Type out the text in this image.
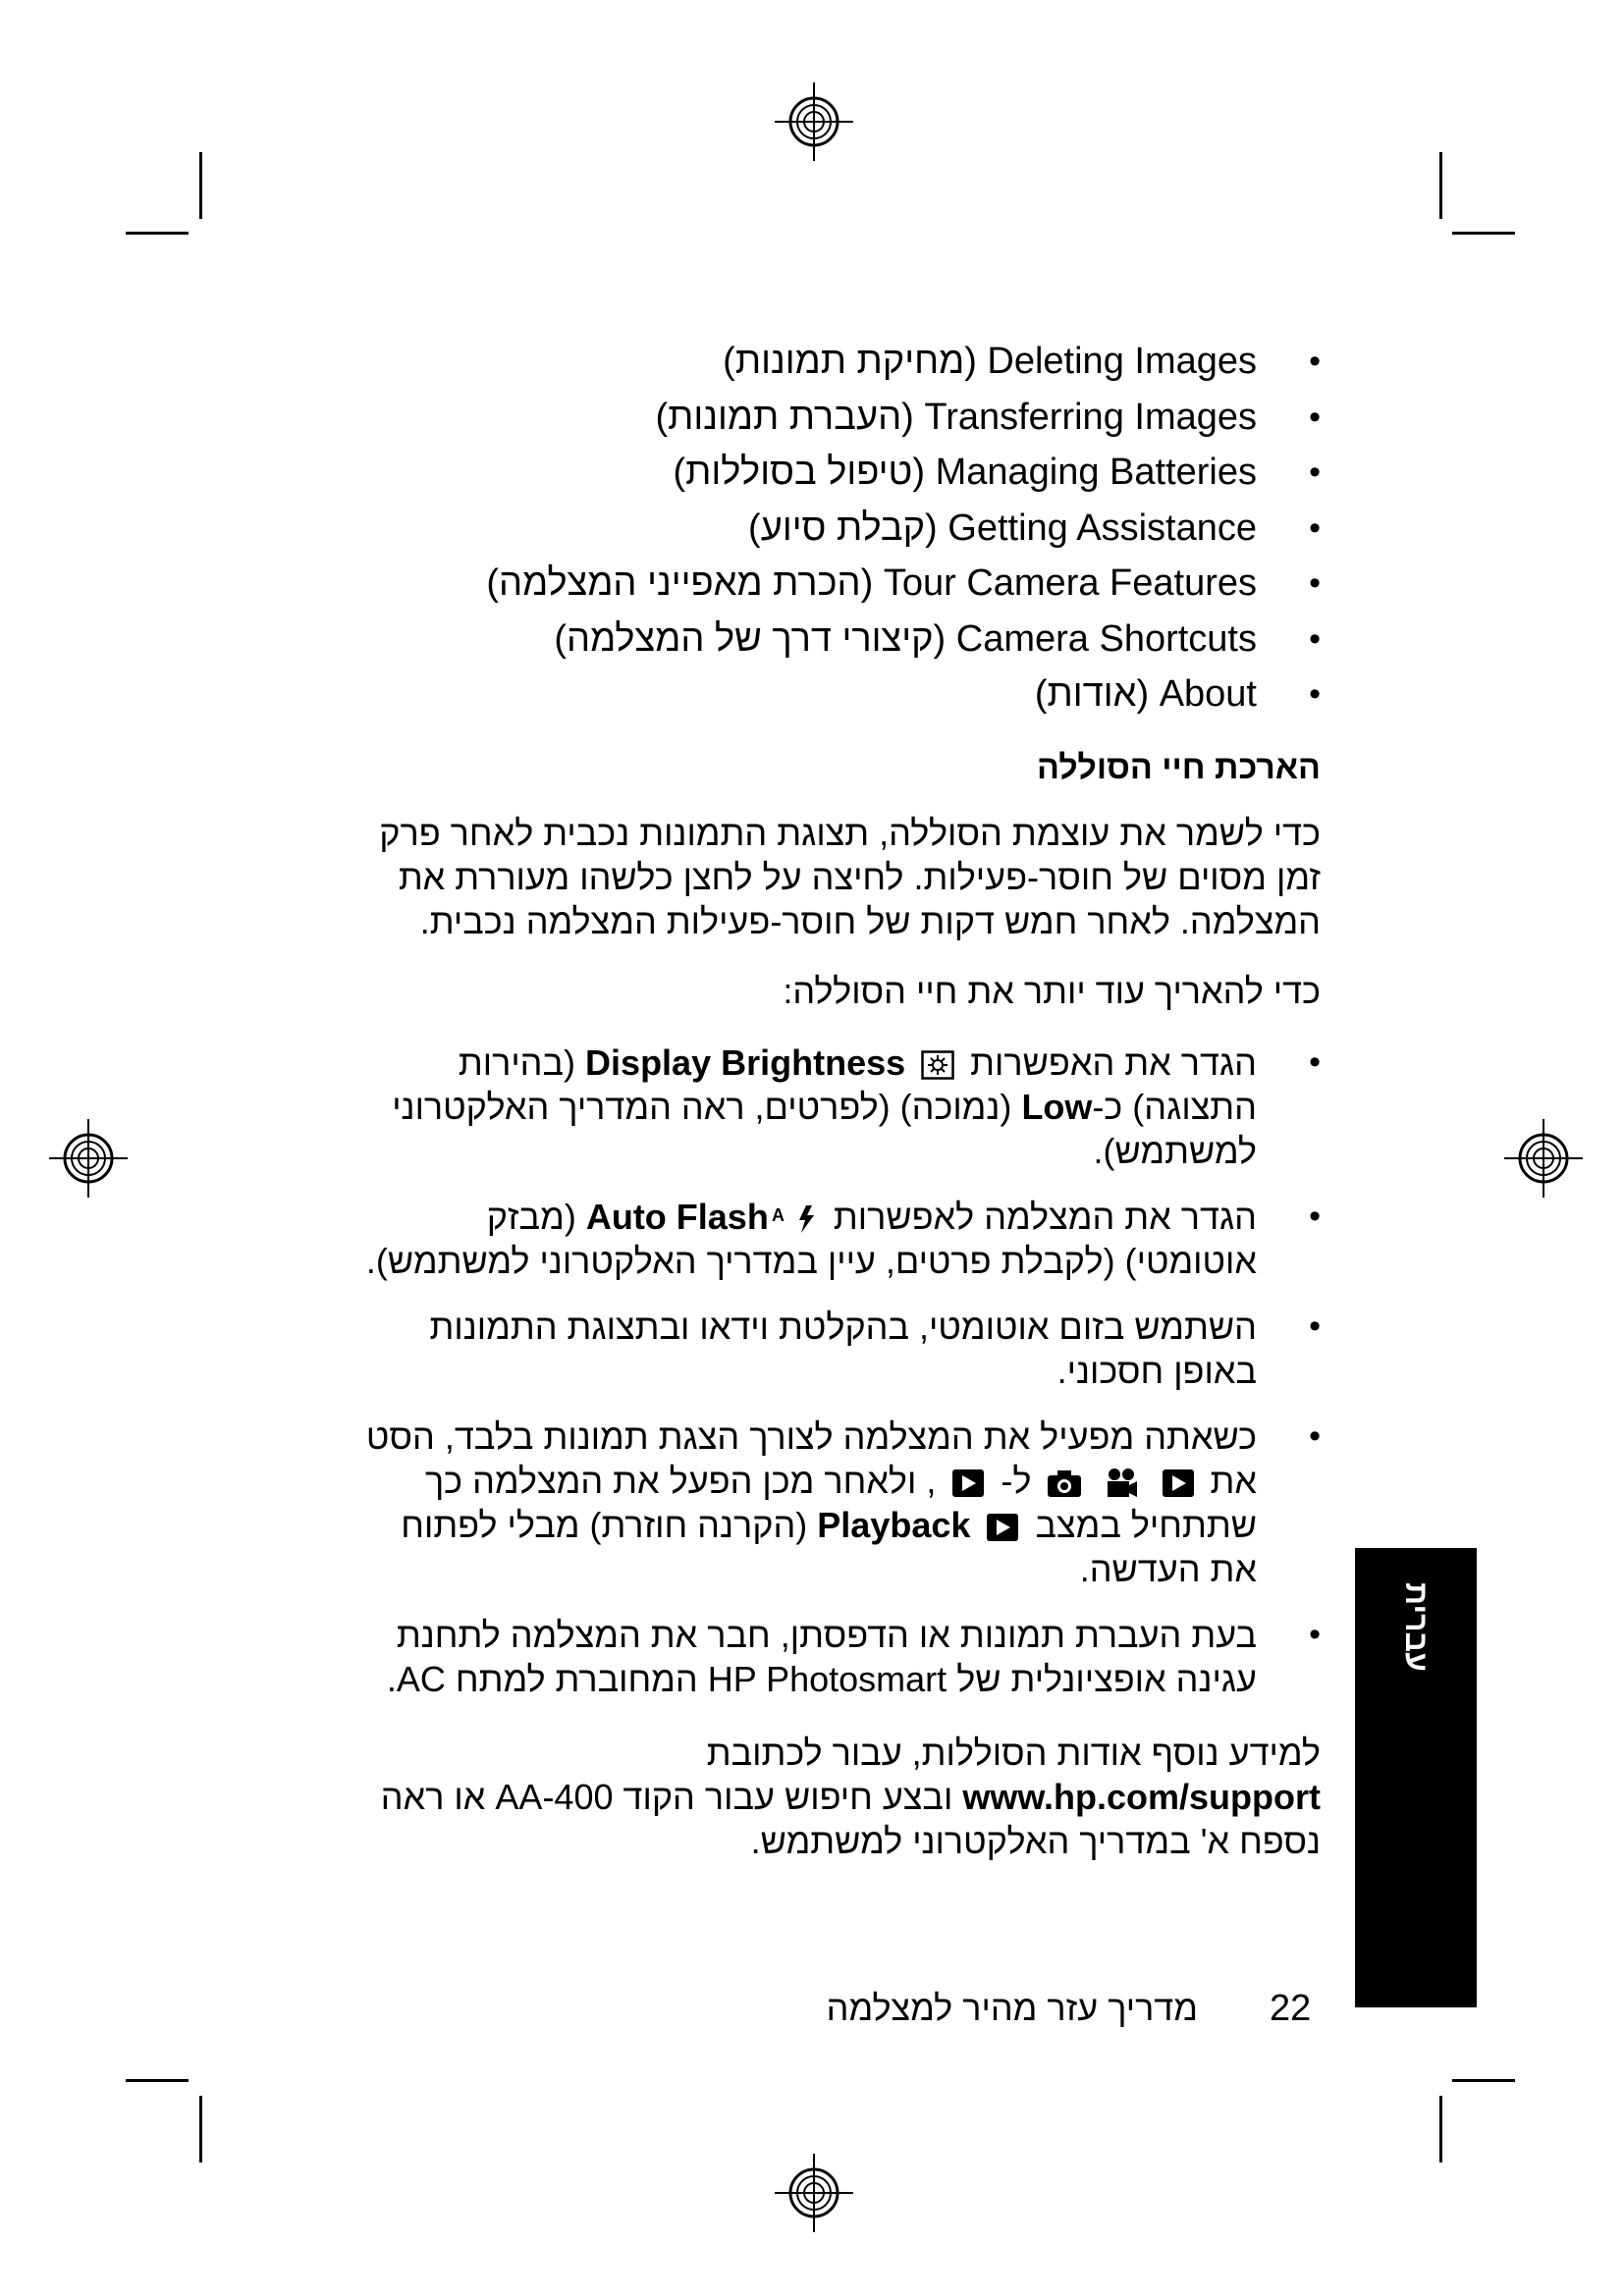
•
Deleting Images (מחיקת תמונות)
•
Transferring Images (העברת תמונות)
•
Managing Batteries (טיפול בסוללות)
•
Getting Assistance (קבלת סיוע)
•
Tour Camera Features (הכרת מאפייני המצלמה)
•
Camera Shortcuts (קיצורי דרך של המצלמה)
•
About (אודות)
הארכת חיי הסוללה

כדי לשמר את עוצמת הסוללה, תצוגת התמונות נכבית לאחר פרק זמן מסוים של חוסר-פעילות. לחיצה על לחצן כלשהו מעוררת את המצלמה. לאחר חמש דקות של חוסר-פעילות המצלמה נכבית.

כדי להאריך עוד יותר את חיי הסוללה:

•
הגדר את האפשרות  Display Brightness (בהירות התצוגה) כ-Low (נמוכה) (לפרטים, ראה המדריך האלקטרוני למשתמש).
•
הגדר את המצלמה לאפשרות
A
Auto Flash (מבזק אוטומטי) (לקבלת פרטים, עיין במדריך האלקטרוני למשתמש).
•
השתמש בזום אוטומטי, בהקלטת וידאו ובתצוגת התמונות באופן חסכוני.
•
כשאתה מפעיל את המצלמה לצורך הצגת תמונות בלבד, הסט את    ל-  , ולאחר מכן הפעל את המצלמה כך שתתחיל במצב  Playback (הקרנה חוזרת) מבלי לפתוח את העדשה.
•
בעת העברת תמונות או הדפסתן, חבר את המצלמה לתחנת עגינה אופציונלית של HP Photosmart המחוברת למתח AC.

למידע נוסף אודות הסוללות, עבור לכתובת www.hp.com/support ובצע חיפוש עבור הקוד AA-400 או ראה נספח א' במדריך האלקטרוני למשתמש.

22
מדריך עזר מהיר למצלמה
עברית
